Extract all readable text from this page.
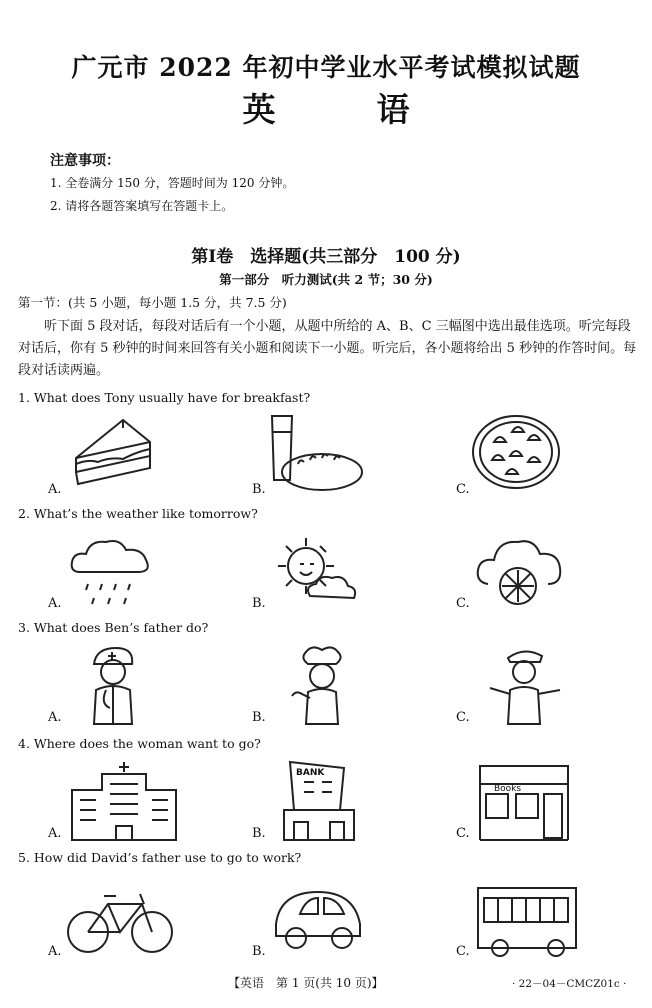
广元市 2022 年初中学业水平考试模拟试题
英　语
注意事项：
1. 全卷满分 150 分，答题时间为 120 分钟。
2. 请将各题答案填写在答题卡上。
第Ⅰ卷　选择题(共三部分　100 分)
第一部分　听力测试(共 2 节；30 分)
第一节：(共 5 小题，每小题 1.5 分，共 7.5 分)
听下面 5 段对话，每段对话后有一个小题，从题中所给的 A、B、C 三幅图中选出最佳选项。听完每段对话后，你有 5 秒钟的时间来回答有关小题和阅读下一小题。听完后，各小题将给出 5 秒钟的作答时间。每段对话读两遍。
1. What does Tony usually have for breakfast?
A.	B.	C.
2. What’s the weather like tomorrow?
A.	B.	C.
3. What does Ben’s father do?
A.	B.	C.
4. Where does the woman want to go?
A.	B.	C.
BANK
Books
5. How did David’s father use to go to work?
A.	B.	C.
【英语　第 1 页(共 10 页)】	· 22－04－CMCZ01c ·
